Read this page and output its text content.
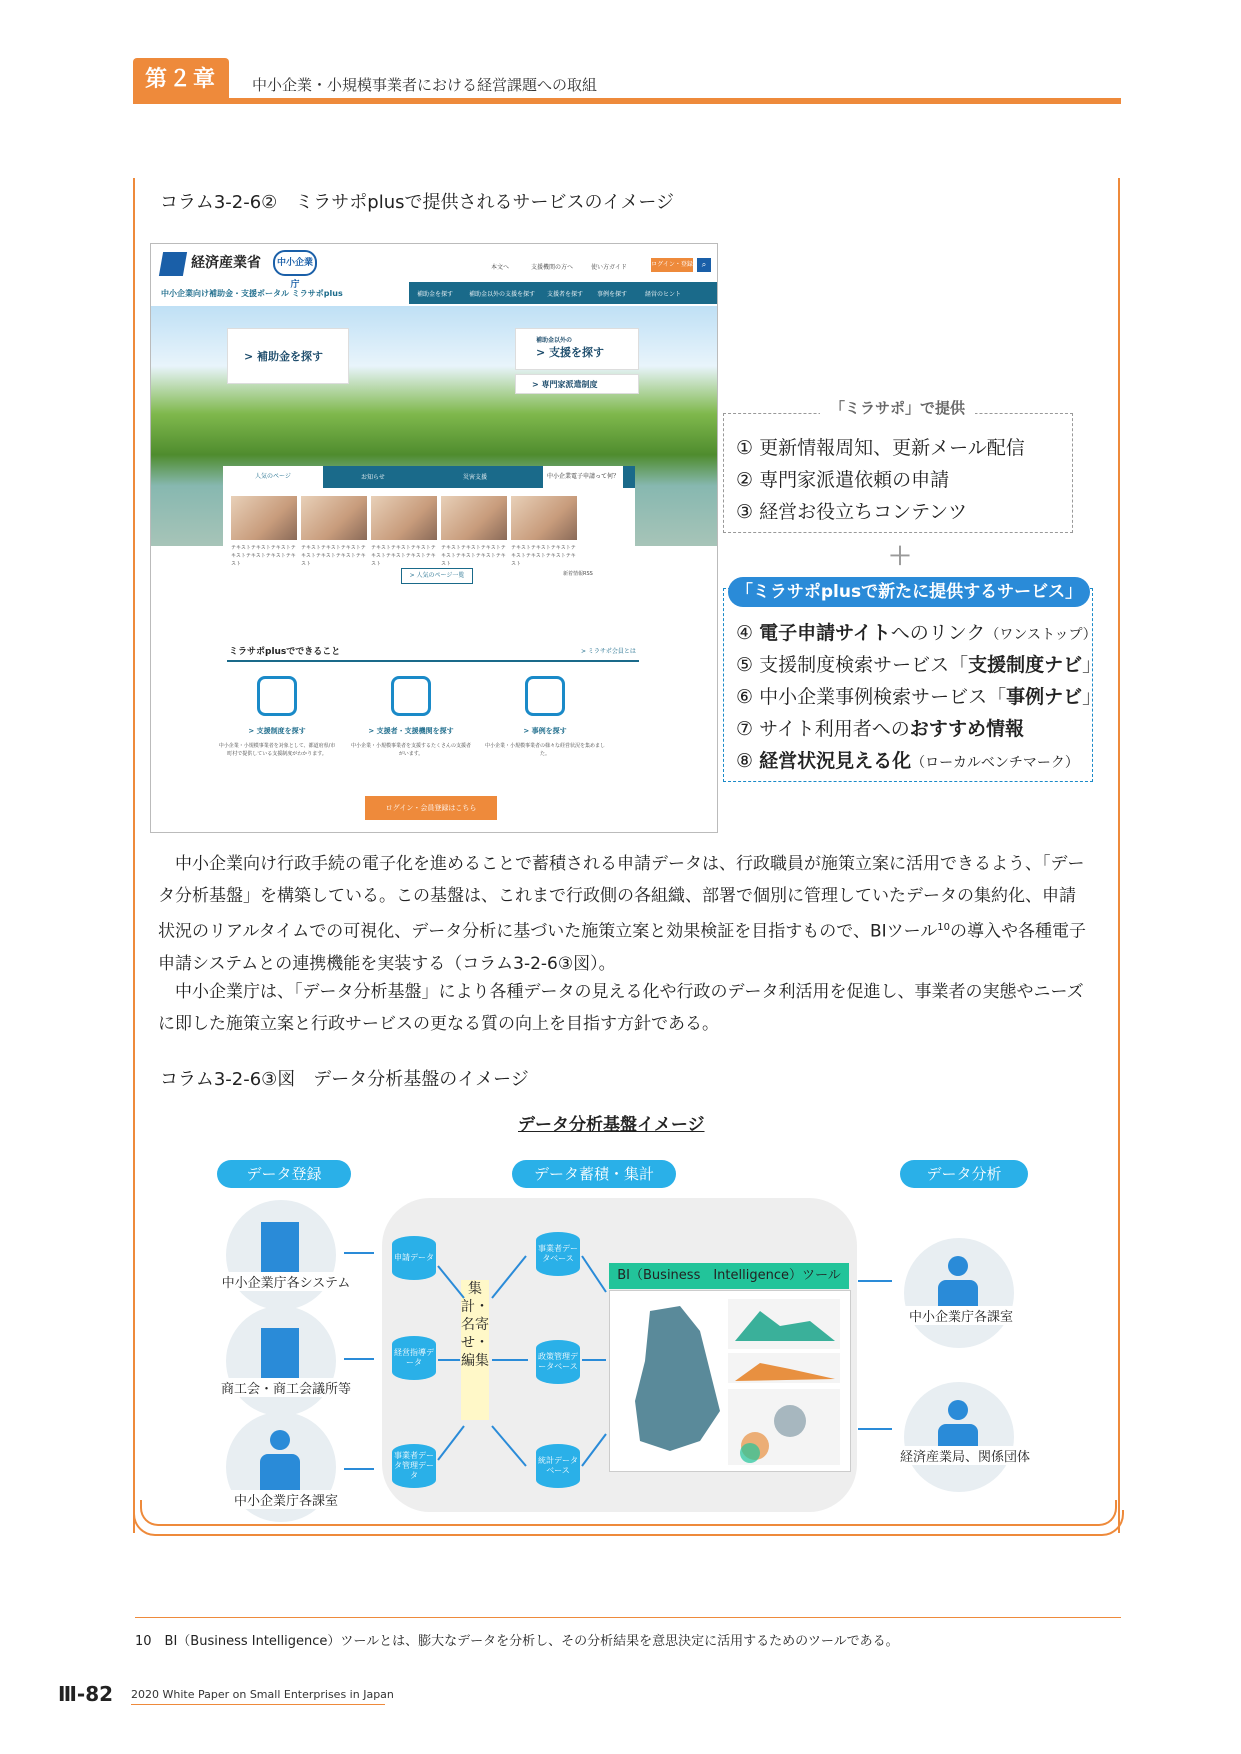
第２章	中小企業・小規模事業者における経営課題への取組
コラム3-2-6②　ミラサポplusで提供されるサービスのイメージ
経済産業省	中小企業庁
本文へ	支援機関の方へ	使い方ガイド	ログイン・登録	⌕
中小企業向け補助金・支援ポータル ミラサポplus	補助金を探す	補助金以外の支援を探す 支援者を探す 事例を探す	経営のヒント
> 補助金を探す
補助金以外の
> 支援を探す
> 専門家派遣制度
人気のページ	お知らせ	災害支援	中小企業電子申請って何？
テキストテキストテキストテキストテキストテキストテキスト
テキストテキストテキストテキストテキストテキストテキスト
テキストテキストテキストテキストテキストテキストテキスト
テキストテキストテキストテキストテキストテキストテキスト
テキストテキストテキストテキストテキストテキストテキスト
> 人気のページ一覧	新着情報RSS
ミラサポplusでできること	> ミラサポ会員とは
> 支援制度を探す
中小企業・小規模事業者を対象として、都道府県/市町村で提供している支援制度がわかります。
> 支援者・支援機関を探す
中小企業・小規模事業者を支援するたくさんの支援者がいます。
> 事例を探す
中小企業・小規模事業者の様々な経営状況を集めました。
ログイン・会員登録はこちら
「ミラサポ」で提供
① 更新情報周知、更新メール配信
② 専門家派遣依頼の申請
③ 経営お役立ちコンテンツ
＋
「ミラサポplusで新たに提供するサービス」
④ 電子申請サイトへのリンク（ワンストップ）
⑤ 支援制度検索サービス「支援制度ナビ」
⑥ 中小企業事例検索サービス「事例ナビ」
⑦ サイト利用者へのおすすめ情報
⑧ 経営状況見える化（ローカルベンチマーク）
　中小企業向け行政手続の電子化を進めることで蓄積される申請データは、行政職員が施策立案に活用できるよう、「データ分析基盤」を構築している。この基盤は、これまで行政側の各組織、部署で個別に管理していたデータの集約化、申請状況のリアルタイムでの可視化、データ分析に基づいた施策立案と効果検証を目指すもので、BIツール$^{10}$の導入や各種電子申請システムとの連携機能を実装する（コラム3-2-6③図）。
　中小企業庁は、「データ分析基盤」により各種データの見える化や行政のデータ利活用を促進し、事業者の実態やニーズに即した施策立案と行政サービスの更なる質の向上を目指す方針である。
コラム3-2-6③図　データ分析基盤のイメージ
データ分析基盤イメージ
データ登録	データ蓄積・集計	データ分析
中小企業庁各システム
商工会・商工会議所等
中小企業庁各課室
申請データ
経営指導データ
事業者データ管理データ
集計・名寄せ・編集
事業者データベース
政策管理データベース
統計データベース
BI（Business　Intelligence）ツール
中小企業庁各課室
経済産業局、関係団体
10　BI（Business Intelligence）ツールとは、膨大なデータを分析し、その分析結果を意思決定に活用するためのツールである。
Ⅲ-82 2020 White Paper on Small Enterprises in Japan
